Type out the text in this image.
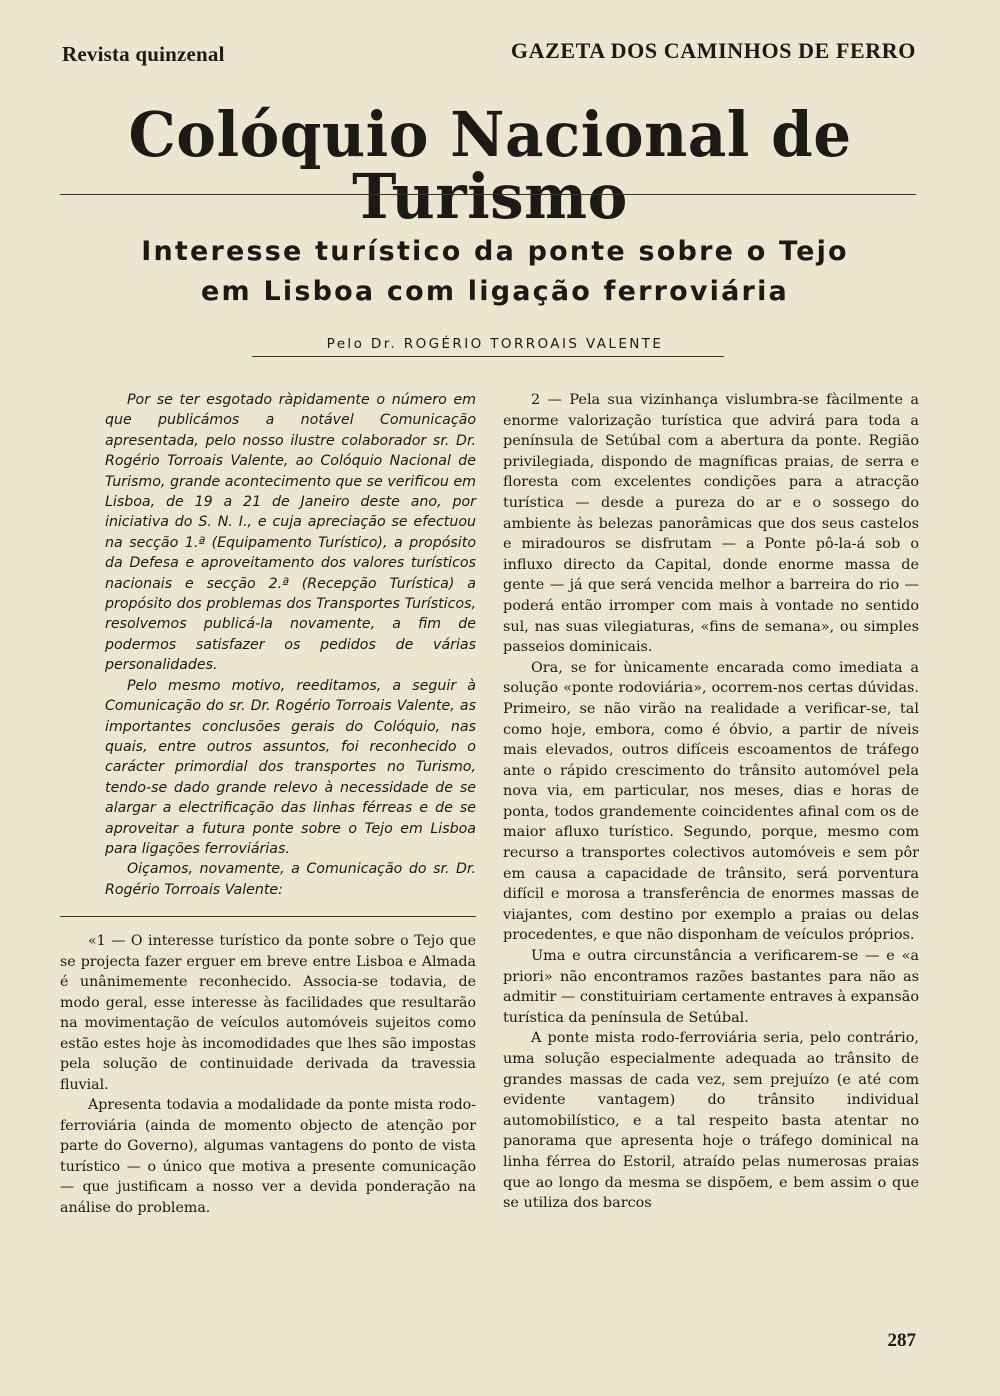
Revista quinzenal	GAZETA DOS CAMINHOS DE FERRO
Colóquio Nacional de Turismo
Interesse turístico da ponte sobre o Tejo
em Lisboa com ligação ferroviária
Pelo Dr. ROGÉRIO TORROAIS VALENTE

Por se ter esgotado ràpidamente o número em que publicámos a notável Comunicação apresentada, pelo nosso ilustre colaborador sr. Dr. Rogério Torroais Valente, ao Colóquio Nacional de Turismo, grande acontecimento que se verificou em Lisboa, de 19 a 21 de Janeiro deste ano, por iniciativa do S. N. I., e cuja apreciação se efectuou na secção 1.ª (Equipamento Turístico), a propósito da Defesa e aproveitamento dos valores turísticos nacionais e secção 2.ª (Recepção Turística) a propósito dos problemas dos Transportes Turísticos, resolvemos publicá-la novamente, a fim de podermos satisfazer os pedidos de várias personalidades.

Pelo mesmo motivo, reeditamos, a seguir à Comunicação do sr. Dr. Rogério Torroais Valente, as importantes conclusões gerais do Colóquio, nas quais, entre outros assuntos, foi reconhecido o carácter primordial dos transportes no Turismo, tendo-se dado grande relevo à necessidade de se alargar a electrificação das linhas férreas e de se aproveitar a futura ponte sobre o Tejo em Lisboa para ligações ferroviárias.

Oiçamos, novamente, a Comunicação do sr. Dr. Rogério Torroais Valente:

«1 — O interesse turístico da ponte sobre o Tejo que se projecta fazer erguer em breve entre Lisboa e Almada é unânimemente reconhecido. Associa-se todavia, de modo geral, esse interesse às facilidades que resultarão na movimentação de veículos automóveis sujeitos como estão estes hoje às incomodidades que lhes são impostas pela solução de continuidade derivada da travessia fluvial.

Apresenta todavia a modalidade da ponte mista rodo-ferroviária (ainda de momento objecto de atenção por parte do Governo), algumas vantagens do ponto de vista turístico — o único que motiva a presente comunicação — que justificam a nosso ver a devida ponderação na análise do problema.

2 — Pela sua vizinhança vislumbra-se fàcilmente a enorme valorização turística que advirá para toda a península de Setúbal com a abertura da ponte. Região privilegiada, dispondo de magníficas praias, de serra e floresta com excelentes condições para a atracção turística — desde a pureza do ar e o sossego do ambiente às belezas panorâmicas que dos seus castelos e miradouros se disfrutam — a Ponte pô-la-á sob o influxo directo da Capital, donde enorme massa de gente — já que será vencida melhor a barreira do rio — poderá então irromper com mais à vontade no sentido sul, nas suas vilegiaturas, «fins de semana», ou simples passeios dominicais.

Ora, se for ùnicamente encarada como imediata a solução «ponte rodoviária», ocorrem-nos certas dúvidas. Primeiro, se não virão na realidade a verificar-se, tal como hoje, embora, como é óbvio, a partir de níveis mais elevados, outros difíceis escoamentos de tráfego ante o rápido crescimento do trânsito automóvel pela nova via, em particular, nos meses, dias e horas de ponta, todos grandemente coincidentes afinal com os de maior afluxo turístico. Segundo, porque, mesmo com recurso a transportes colectivos automóveis e sem pôr em causa a capacidade de trânsito, será porventura difícil e morosa a transferência de enormes massas de viajantes, com destino por exemplo a praias ou delas procedentes, e que não disponham de veículos próprios.

Uma e outra circunstância a verificarem-se — e «a priori» não encontramos razões bastantes para não as admitir — constituiriam certamente entraves à expansão turística da península de Setúbal.

A ponte mista rodo-ferroviária seria, pelo contrário, uma solução especialmente adequada ao trânsito de grandes massas de cada vez, sem prejuízo (e até com evidente vantagem) do trânsito individual automobilístico, e a tal respeito basta atentar no panorama que apresenta hoje o tráfego dominical na linha férrea do Estoril, atraído pelas numerosas praias que ao longo da mesma se dispõem, e bem assim o que se utiliza dos barcos

287
